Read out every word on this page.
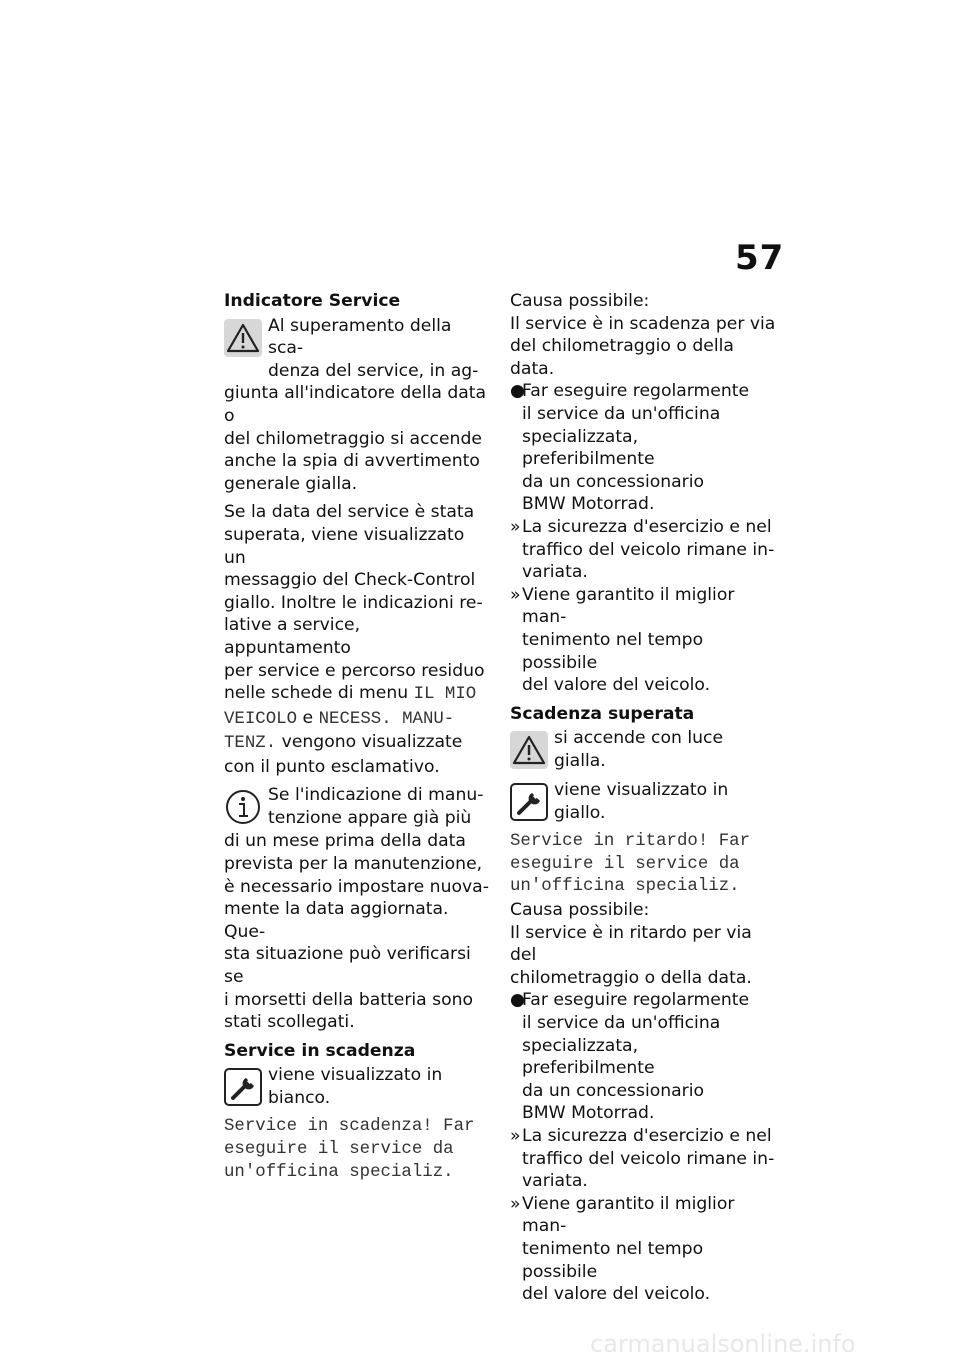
57
Indicatore Service
Al superamento della sca-
denza del service, in ag-
giunta all'indicatore della data o
del chilometraggio si accende
anche la spia di avvertimento
generale gialla.
Se la data del service è stata
superata, viene visualizzato un
messaggio del Check-Control
giallo. Inoltre le indicazioni re-
lative a service, appuntamento
per service e percorso residuo
nelle schede di menu IL MIO
VEICOLO e NECESS. MANU-
TENZ. vengono visualizzate
con il punto esclamativo.
Se l'indicazione di manu-
tenzione appare già più
di un mese prima della data
prevista per la manutenzione,
è necessario impostare nuova-
mente la data aggiornata. Que-
sta situazione può verificarsi se
i morsetti della batteria sono
stati scollegati.
Service in scadenza
viene visualizzato in
bianco.
Service in scadenza! Far
eseguire il service da
un'officina specializ.
Causa possibile:
Il service è in scadenza per via
del chilometraggio o della data.
●
Far eseguire regolarmente
il service da un'officina
specializzata, preferibilmente
da un concessionario
BMW Motorrad.
» La sicurezza d'esercizio e nel
traffico del veicolo rimane in-
variata.
» Viene garantito il miglior man-
tenimento nel tempo possibile
del valore del veicolo.
Scadenza superata
si accende con luce gialla.
viene visualizzato in giallo.
Service in ritardo! Far
eseguire il service da
un'officina specializ.
Causa possibile:
Il service è in ritardo per via del
chilometraggio o della data.
●
Far eseguire regolarmente
il service da un'officina
specializzata, preferibilmente
da un concessionario
BMW Motorrad.
» La sicurezza d'esercizio e nel
traffico del veicolo rimane in-
variata.
» Viene garantito il miglior man-
tenimento nel tempo possibile
del valore del veicolo.
carmanualsonline.info
